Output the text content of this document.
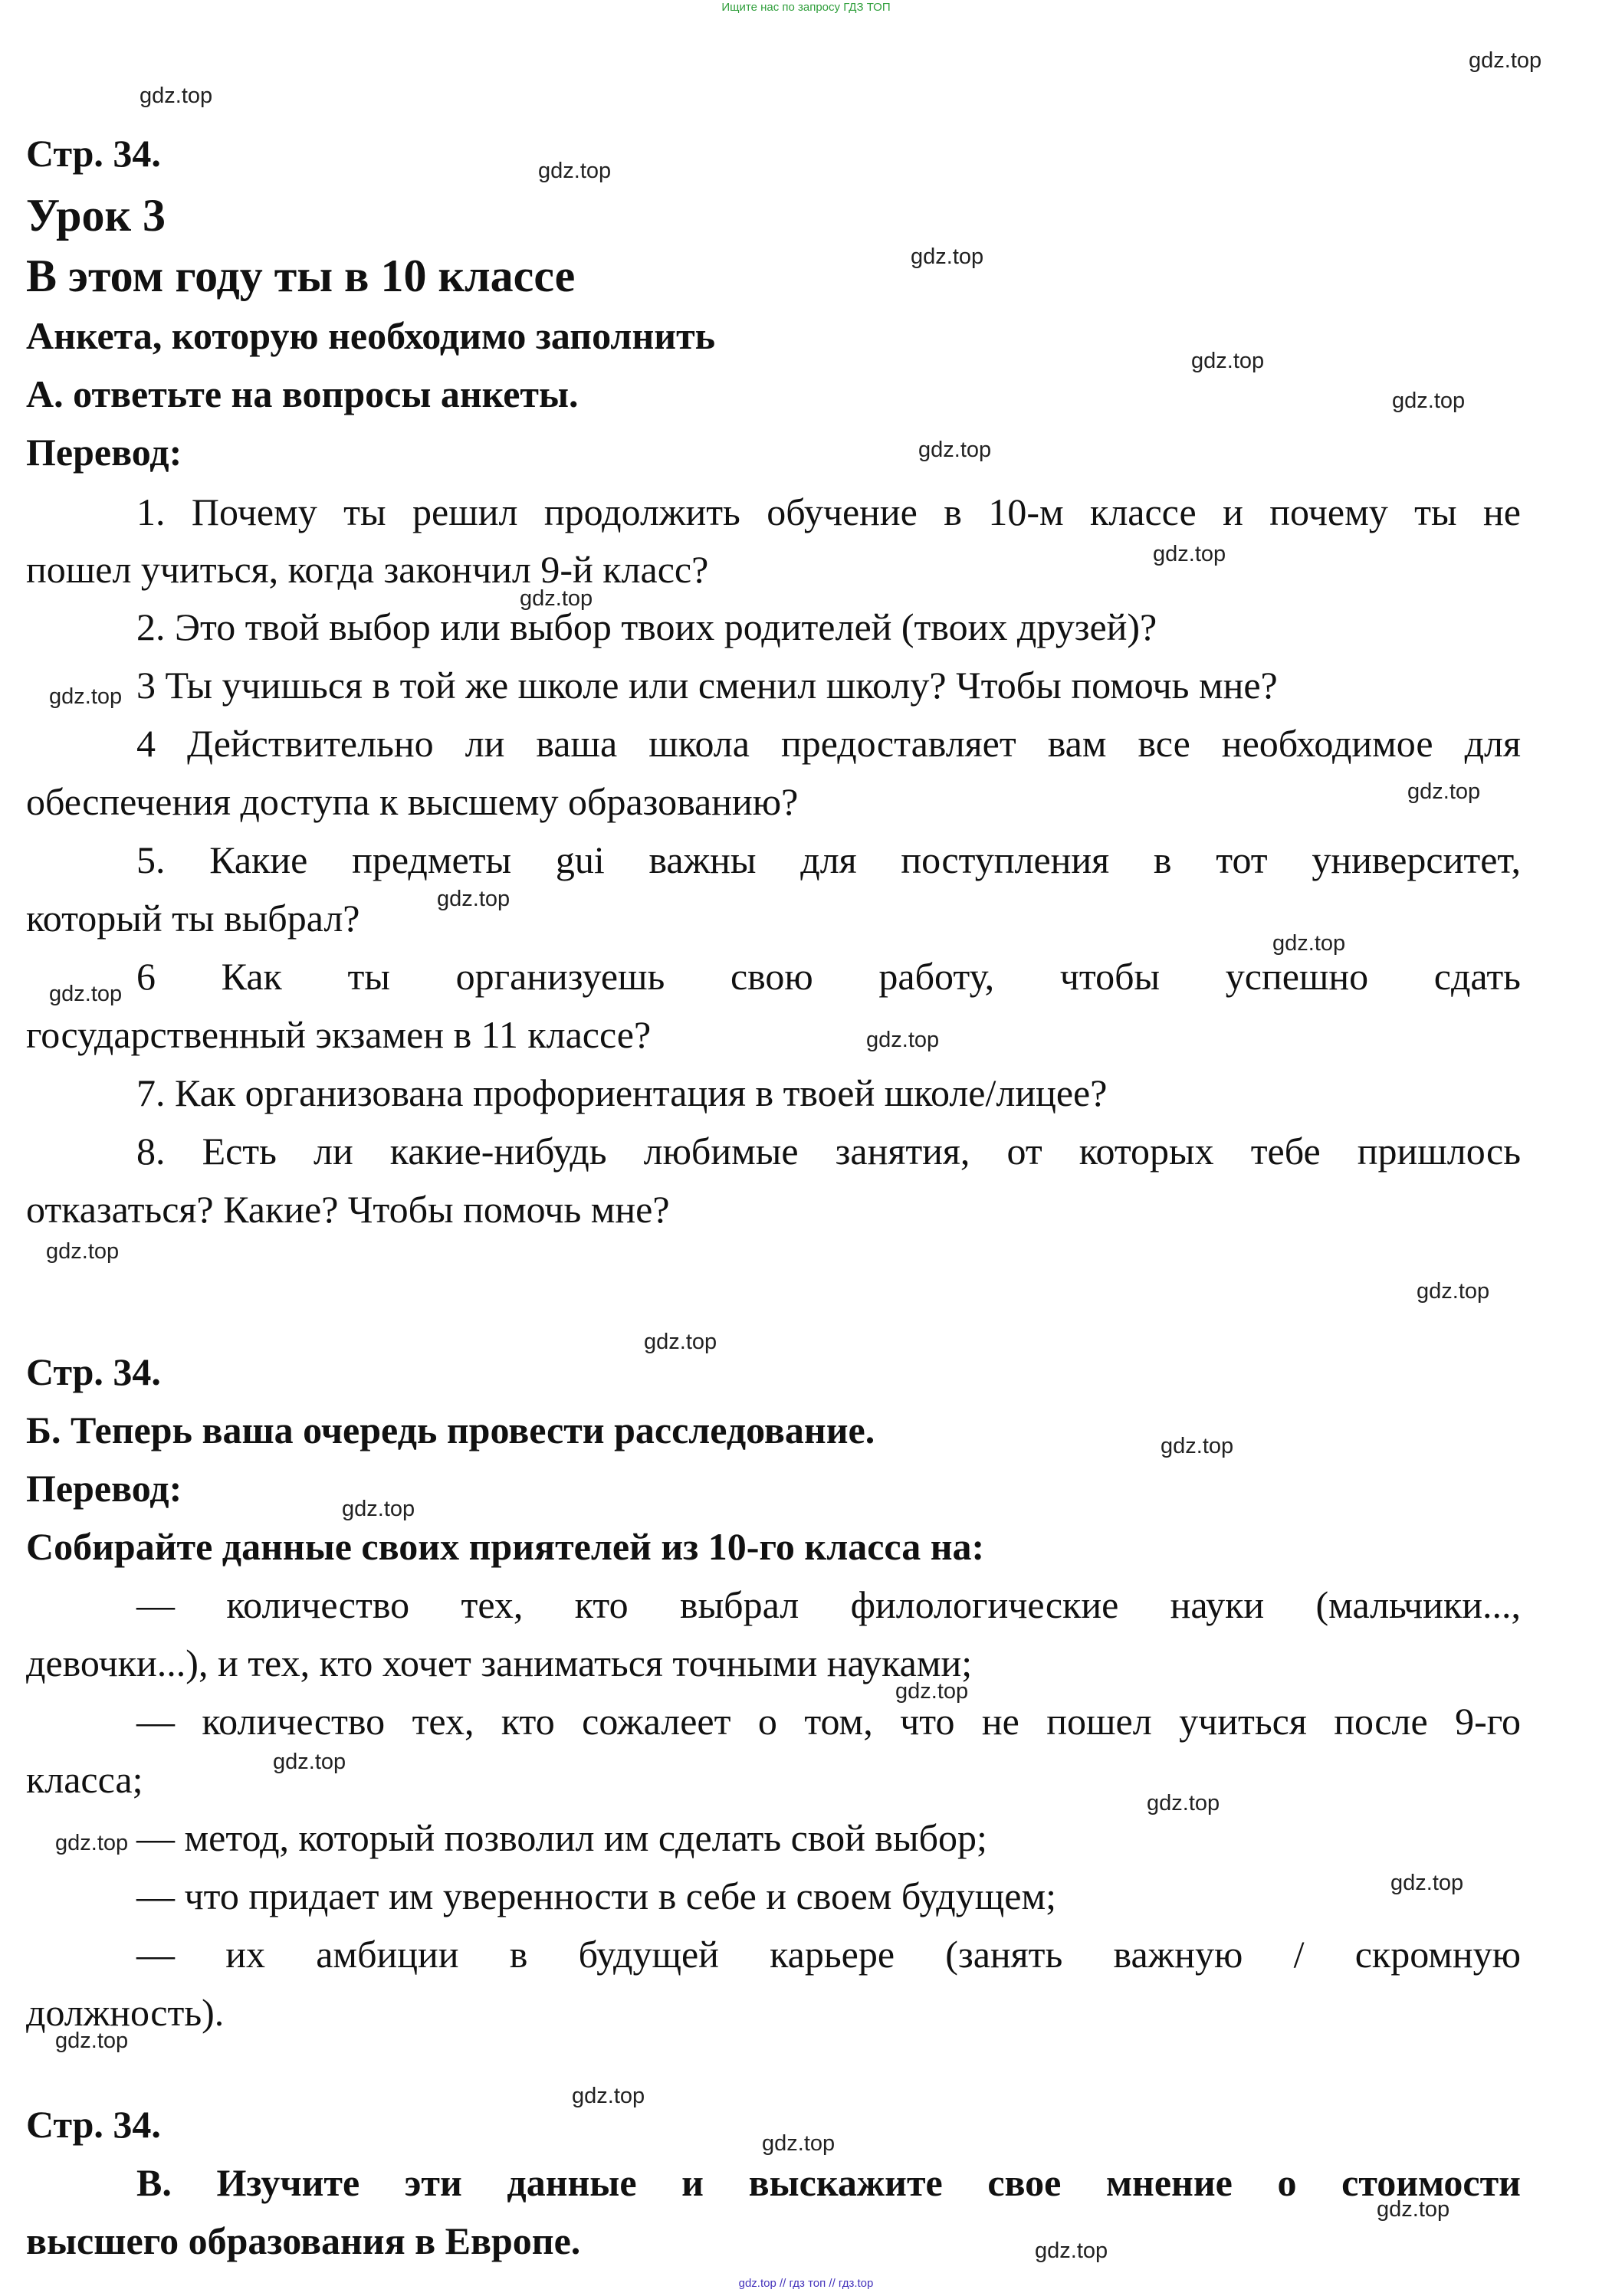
Ищите нас по запросу ГДЗ ТОП
Стр. 34.
Урок 3
В этом году ты в 10 классе
Анкета, которую необходимо заполнить
А. ответьте на вопросы анкеты.
Перевод:
1. Почему ты решил продолжить обучение в 10-м классе и почему ты не
пошел учиться, когда закончил 9-й класс?
2. Это твой выбор или выбор твоих родителей (твоих друзей)?
3 Ты учишься в той же школе или сменил школу? Чтобы помочь мне?
4 Действительно ли ваша школа предоставляет вам все необходимое для
обеспечения доступа к высшему образованию?
5. Какие предметы gui важны для поступления в тот университет,
который ты выбрал?
6 Как ты организуешь свою работу, чтобы успешно сдать
государственный экзамен в 11 классе?
7. Как организована профориентация в твоей школе/лицее?
8. Есть ли какие-нибудь любимые занятия, от которых тебе пришлось
отказаться? Какие? Чтобы помочь мне?
Стр. 34.
Б. Теперь ваша очередь провести расследование.
Перевод:
Собирайте данные своих приятелей из 10-го класса на:
— количество тех, кто выбрал филологические науки (мальчики...,
девочки...), и тех, кто хочет заниматься точными науками;
— количество тех, кто сожалеет о том, что не пошел учиться после 9-го
класса;
— метод, который позволил им сделать свой выбор;
— что придает им уверенности в себе и своем будущем;
— их амбиции в будущей карьере (занять важную / скромную
должность).
Стр. 34.
В. Изучите эти данные и выскажите свое мнение о стоимости
высшего образования в Европе.
gdz.top
gdz.top
gdz.top
gdz.top
gdz.top
gdz.top
gdz.top
gdz.top
gdz.top
gdz.top
gdz.top
gdz.top
gdz.top
gdz.top
gdz.top
gdz.top
gdz.top
gdz.top
gdz.top
gdz.top
gdz.top
gdz.top
gdz.top
gdz.top
gdz.top
gdz.top
gdz.top
gdz.top
gdz.top
gdz.top
gdz.top // гдз топ // гдз.top
